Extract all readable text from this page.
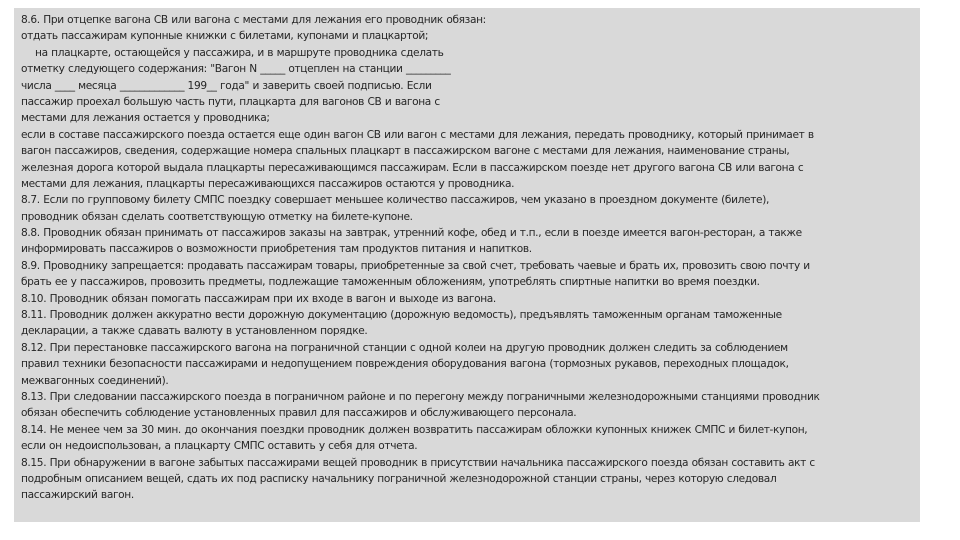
8.6. При отцепке вагона СВ или вагона с местами для лежания его проводник обязан:
отдать пассажирам купонные книжки с билетами, купонами и плацкартой;
на плацкарте, остающейся у пассажира, и в маршруте проводника сделать
отметку следующего содержания: "Вагон N _____ отцеплен на станции _________
числа ____ месяца _____________ 199__ года" и заверить своей подписью. Если
пассажир проехал большую часть пути, плацкарта для вагонов СВ и вагона с
местами для лежания остается у проводника;
если в составе пассажирского поезда остается еще один вагон СВ или вагон с местами для лежания, передать проводнику, который принимает в
вагон пассажиров, сведения, содержащие номера спальных плацкарт в пассажирском вагоне с местами для лежания, наименование страны,
железная дорога которой выдала плацкарты пересаживающимся пассажирам. Если в пассажирском поезде нет другого вагона СВ или вагона с
местами для лежания, плацкарты пересаживающихся пассажиров остаются у проводника.
8.7. Если по групповому билету СМПС поездку совершает меньшее количество пассажиров, чем указано в проездном документе (билете),
проводник обязан сделать соответствующую отметку на билете-купоне.
8.8. Проводник обязан принимать от пассажиров заказы на завтрак, утренний кофе, обед и т.п., если в поезде имеется вагон-ресторан, а также
информировать пассажиров о возможности приобретения там продуктов питания и напитков.
8.9. Проводнику запрещается: продавать пассажирам товары, приобретенные за свой счет, требовать чаевые и брать их, провозить свою почту и
брать ее у пассажиров, провозить предметы, подлежащие таможенным обложениям, употреблять спиртные напитки во время поездки.
8.10. Проводник обязан помогать пассажирам при их входе в вагон и выходе из вагона.
8.11. Проводник должен аккуратно вести дорожную документацию (дорожную ведомость), предъявлять таможенным органам таможенные
декларации, а также сдавать валюту в установленном порядке.
8.12. При перестановке пассажирского вагона на пограничной станции с одной колеи на другую проводник должен следить за соблюдением
правил техники безопасности пассажирами и недопущением повреждения оборудования вагона (тормозных рукавов, переходных площадок,
межвагонных соединений).
8.13. При следовании пассажирского поезда в пограничном районе и по перегону между пограничными железнодорожными станциями проводник
обязан обеспечить соблюдение установленных правил для пассажиров и обслуживающего персонала.
8.14. Не менее чем за 30 мин. до окончания поездки проводник должен возвратить пассажирам обложки купонных книжек СМПС и билет-купон,
если он недоиспользован, а плацкарту СМПС оставить у себя для отчета.
8.15. При обнаружении в вагоне забытых пассажирами вещей проводник в присутствии начальника пассажирского поезда обязан составить акт с
подробным описанием вещей, сдать их под расписку начальнику пограничной железнодорожной станции страны, через которую следовал
пассажирский вагон.
